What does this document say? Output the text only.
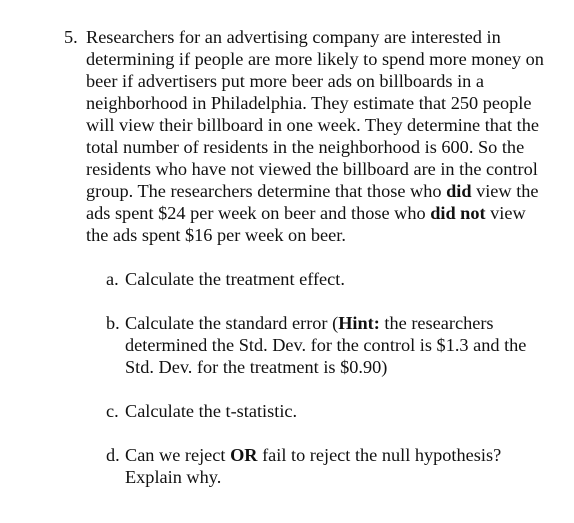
5. Researchers for an advertising company are interested in determining if people are more likely to spend more money on beer if advertisers put more beer ads on billboards in a neighborhood in Philadelphia. They estimate that 250 people will view their billboard in one week. They determine that the total number of residents in the neighborhood is 600. So the residents who have not viewed the billboard are in the control group. The researchers determine that those who did view the ads spent $24 per week on beer and those who did not view the ads spent $16 per week on beer.

a. Calculate the treatment effect.
b. Calculate the standard error (Hint: the researchers determined the Std. Dev. for the control is $1.3 and the Std. Dev. for the treatment is $0.90)
c. Calculate the t-statistic.
d. Can we reject OR fail to reject the null hypothesis? Explain why.
